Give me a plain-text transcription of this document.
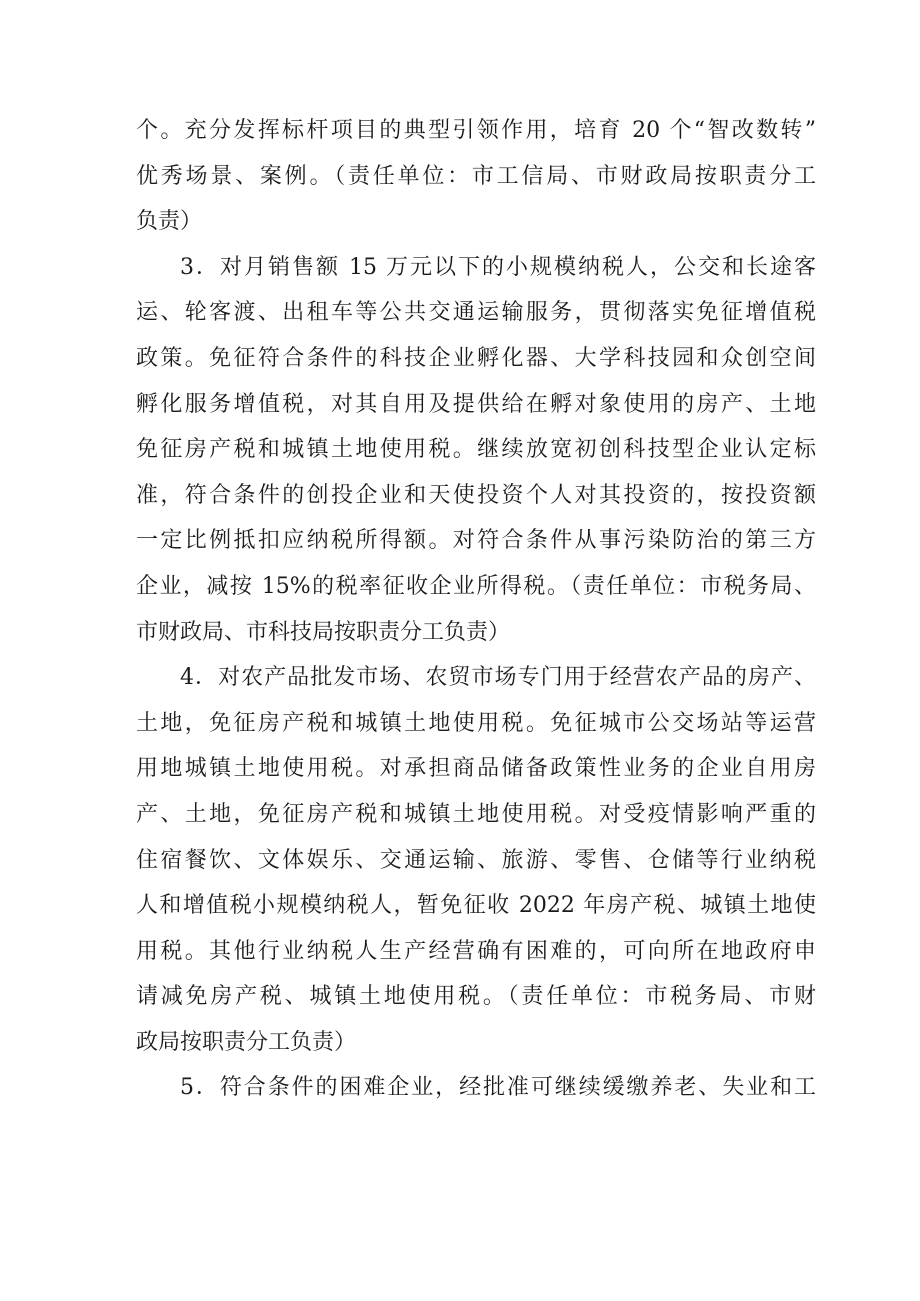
个。充分发挥标杆项目的典型引领作用，培育 20 个“智改数转”
优秀场景、案例。（责任单位：市工信局、市财政局按职责分工
负责）
3．对月销售额 15 万元以下的小规模纳税人，公交和长途客
运、轮客渡、出租车等公共交通运输服务，贯彻落实免征增值税
政策。免征符合条件的科技企业孵化器、大学科技园和众创空间
孵化服务增值税，对其自用及提供给在孵对象使用的房产、土地
免征房产税和城镇土地使用税。继续放宽初创科技型企业认定标
准，符合条件的创投企业和天使投资个人对其投资的，按投资额
一定比例抵扣应纳税所得额。对符合条件从事污染防治的第三方
企业，减按 15%的税率征收企业所得税。（责任单位：市税务局、
市财政局、市科技局按职责分工负责）
4．对农产品批发市场、农贸市场专门用于经营农产品的房产、
土地，免征房产税和城镇土地使用税。免征城市公交场站等运营
用地城镇土地使用税。对承担商品储备政策性业务的企业自用房
产、土地，免征房产税和城镇土地使用税。对受疫情影响严重的
住宿餐饮、文体娱乐、交通运输、旅游、零售、仓储等行业纳税
人和增值税小规模纳税人，暂免征收 2022 年房产税、城镇土地使
用税。其他行业纳税人生产经营确有困难的，可向所在地政府申
请减免房产税、城镇土地使用税。（责任单位：市税务局、市财
政局按职责分工负责）
5．符合条件的困难企业，经批准可继续缓缴养老、失业和工
